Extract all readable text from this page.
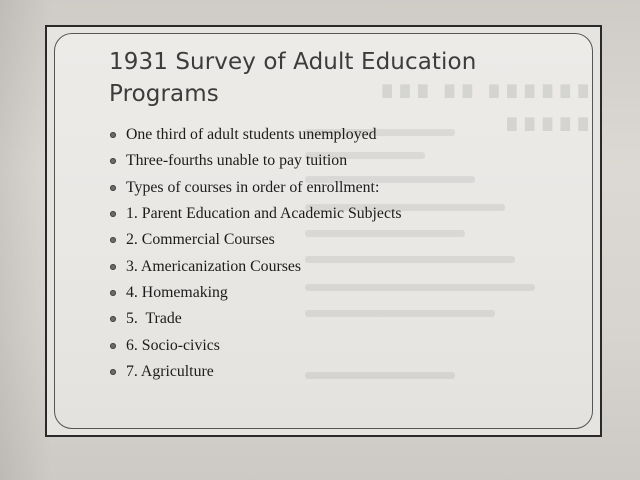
∎∎∎∎∎∎ ∎∎ ∎∎∎ ∎∎∎∎∎
1931 Survey of Adult Education
Programs
One third of adult students unemployed
Three-fourths unable to pay tuition
Types of courses in order of enrollment:
1. Parent Education and Academic Subjects
2. Commercial Courses
3. Americanization Courses
4. Homemaking
5.  Trade
6. Socio-civics
7. Agriculture
